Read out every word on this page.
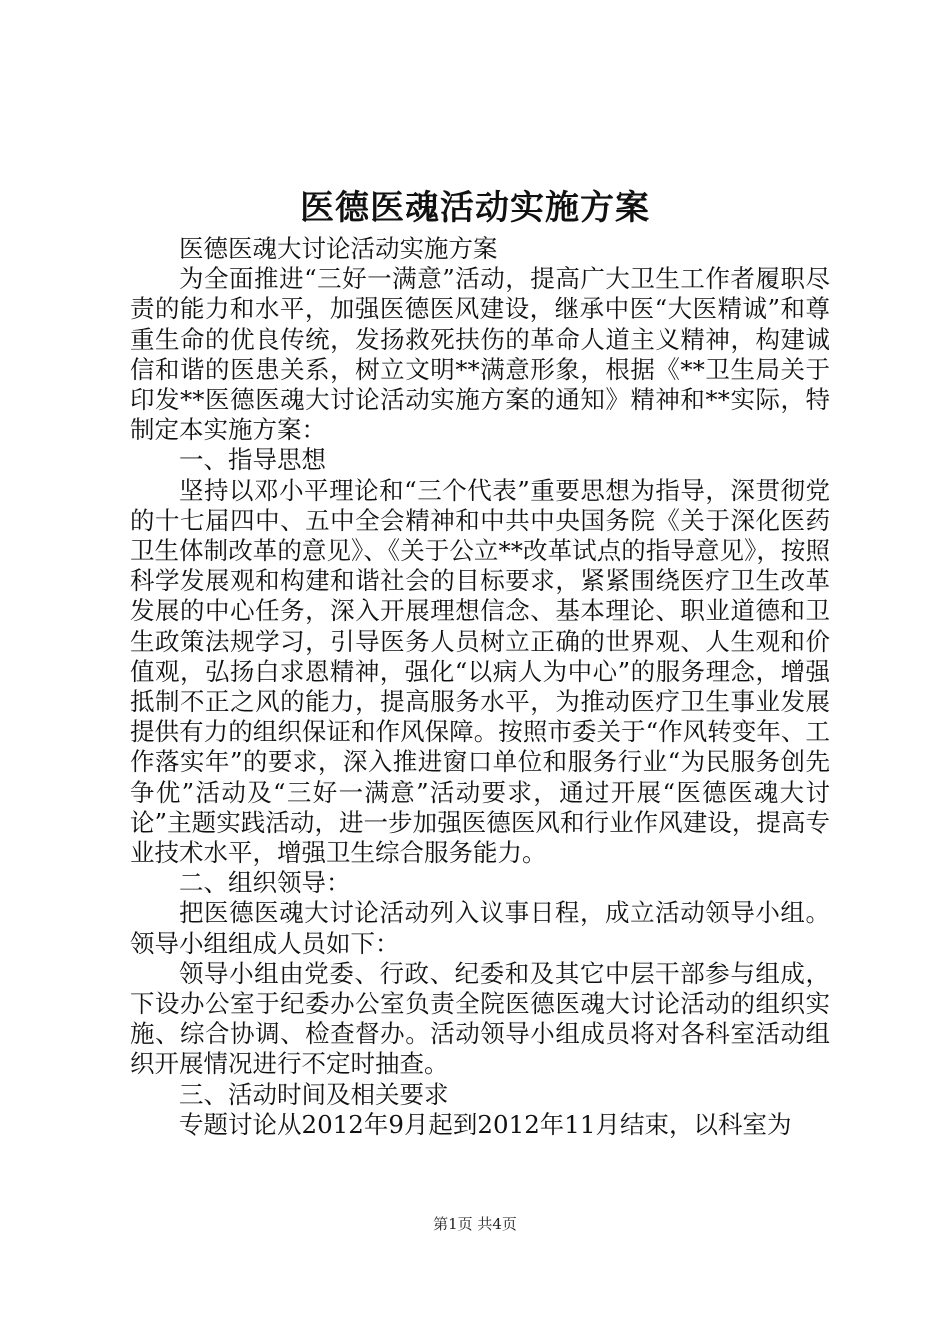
医德医魂活动实施方案

医德医魂大讨论活动实施方案

为全面推进“三好一满意”活动，提高广大卫生工作者履职尽责的能力和水平，加强医德医风建设，继承中医“大医精诚”和尊重生命的优良传统，发扬救死扶伤的革命人道主义精神，构建诚信和谐的医患关系，树立文明**满意形象，根据《**卫生局关于印发**医德医魂大讨论活动实施方案的通知》精神和**实际，特制定本实施方案：

一、指导思想

坚持以邓小平理论和“三个代表”重要思想为指导，深贯彻党的十七届四中、五中全会精神和中共中央国务院《关于深化医药卫生体制改革的意见》、《关于公立**改革试点的指导意见》，按照科学发展观和构建和谐社会的目标要求，紧紧围绕医疗卫生改革发展的中心任务，深入开展理想信念、基本理论、职业道德和卫生政策法规学习，引导医务人员树立正确的世界观、人生观和价值观，弘扬白求恩精神，强化“以病人为中心”的服务理念，增强抵制不正之风的能力，提高服务水平，为推动医疗卫生事业发展提供有力的组织保证和作风保障。按照市委关于“作风转变年、工作落实年”的要求，深入推进窗口单位和服务行业“为民服务创先争优”活动及“三好一满意”活动要求，通过开展“医德医魂大讨论”主题实践活动，进一步加强医德医风和行业作风建设，提高专业技术水平，增强卫生综合服务能力。

二、组织领导：

把医德医魂大讨论活动列入议事日程，成立活动领导小组。领导小组组成人员如下：

领导小组由党委、行政、纪委和及其它中层干部参与组成，下设办公室于纪委办公室负责全院医德医魂大讨论活动的组织实施、综合协调、检查督办。活动领导小组成员将对各科室活动组织开展情况进行不定时抽查。

三、活动时间及相关要求

专题讨论从2012年9月起到2012年11月结束，以科室为

第1页 共4页
